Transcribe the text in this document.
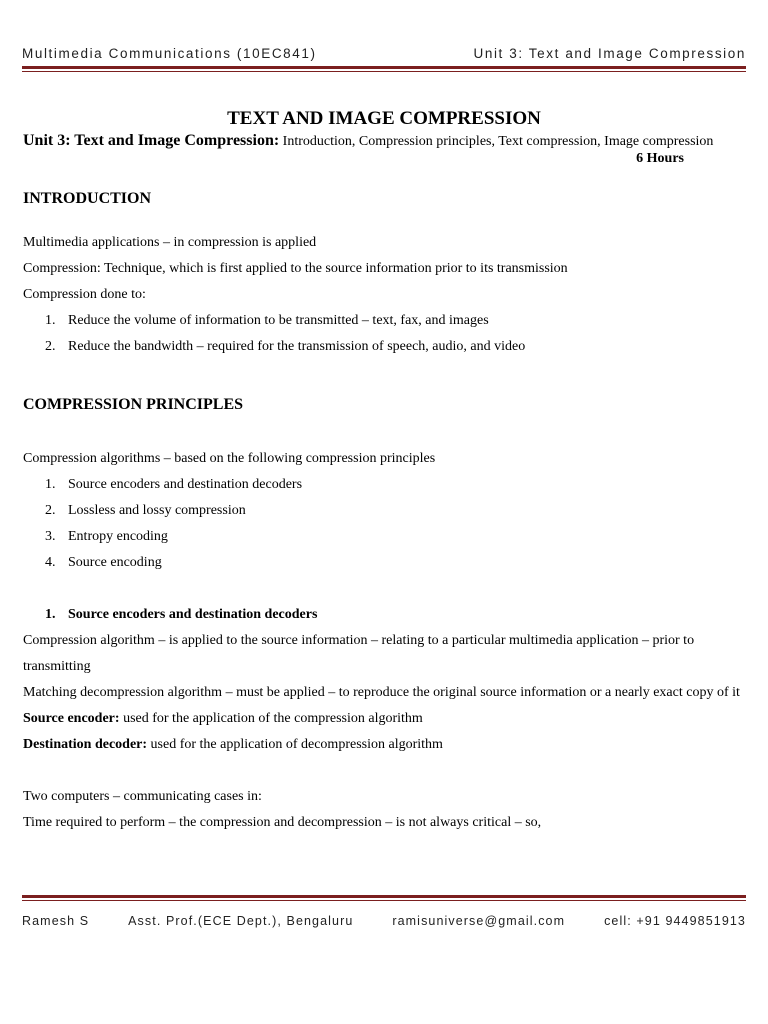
Multimedia Communications (10EC841)	Unit 3: Text and Image Compression
TEXT AND IMAGE COMPRESSION
Unit 3: Text and Image Compression: Introduction, Compression principles, Text compression, Image compression
6 Hours
INTRODUCTION
Multimedia applications – in compression is applied
Compression: Technique, which is first applied to the source information prior to its transmission
Compression done to:
1. Reduce the volume of information to be transmitted – text, fax, and images
2. Reduce the bandwidth – required for the transmission of speech, audio, and video
COMPRESSION PRINCIPLES
Compression algorithms – based on the following compression principles
1. Source encoders and destination decoders
2. Lossless and lossy compression
3. Entropy encoding
4. Source encoding
1. Source encoders and destination decoders
Compression algorithm – is applied to the source information – relating to a particular multimedia application – prior to transmitting
Matching decompression algorithm – must be applied – to reproduce the original source information or a nearly exact copy of it
Source encoder: used for the application of the compression algorithm
Destination decoder: used for the application of decompression algorithm
Two computers – communicating cases in:
Time required to perform – the compression and decompression – is not always critical – so,
Ramesh S	Asst. Prof.(ECE Dept.), Bengaluru	ramisuniverse@gmail.com	cell: +91 9449851913
